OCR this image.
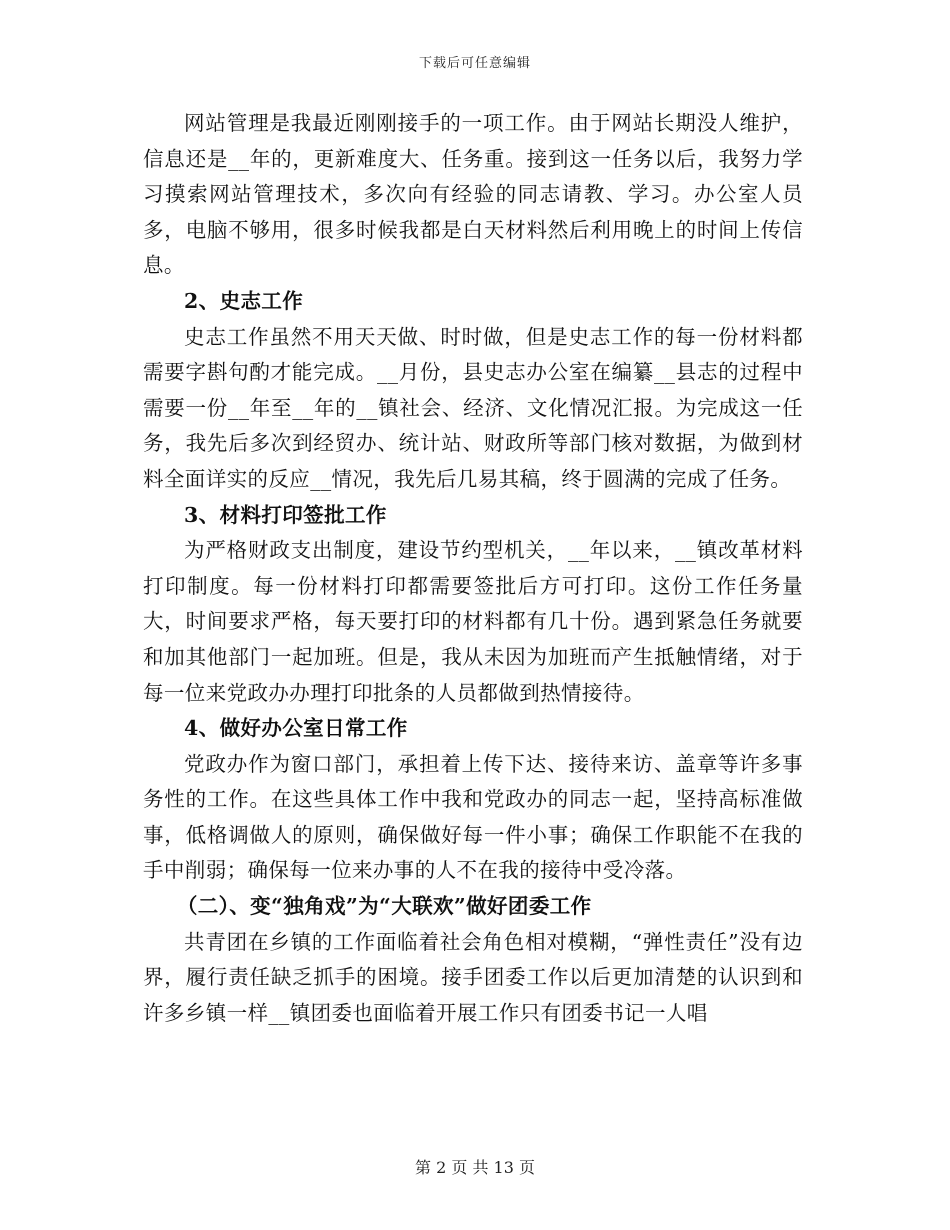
下载后可任意编辑

网站管理是我最近刚刚接手的一项工作。由于网站长期没人维护，信息还是__年的，更新难度大、任务重。接到这一任务以后，我努力学习摸索网站管理技术，多次向有经验的同志请教、学习。办公室人员多，电脑不够用，很多时候我都是白天材料然后利用晚上的时间上传信息。

2、史志工作

史志工作虽然不用天天做、时时做，但是史志工作的每一份材料都需要字斟句酌才能完成。__月份，县史志办公室在编纂__县志的过程中需要一份__年至__年的__镇社会、经济、文化情况汇报。为完成这一任务，我先后多次到经贸办、统计站、财政所等部门核对数据，为做到材料全面详实的反应__情况，我先后几易其稿，终于圆满的完成了任务。

3、材料打印签批工作

为严格财政支出制度，建设节约型机关，__年以来，__镇改革材料打印制度。每一份材料打印都需要签批后方可打印。这份工作任务量大，时间要求严格，每天要打印的材料都有几十份。遇到紧急任务就要和加其他部门一起加班。但是，我从未因为加班而产生抵触情绪，对于每一位来党政办办理打印批条的人员都做到热情接待。

4、做好办公室日常工作

党政办作为窗口部门，承担着上传下达、接待来访、盖章等许多事务性的工作。在这些具体工作中我和党政办的同志一起，坚持高标准做事，低格调做人的原则，确保做好每一件小事；确保工作职能不在我的手中削弱；确保每一位来办事的人不在我的接待中受冷落。

（二）、变“独角戏”为“大联欢”做好团委工作

共青团在乡镇的工作面临着社会角色相对模糊，“弹性责任”没有边界，履行责任缺乏抓手的困境。接手团委工作以后更加清楚的认识到和许多乡镇一样__镇团委也面临着开展工作只有团委书记一人唱

第 2 页 共 13 页
